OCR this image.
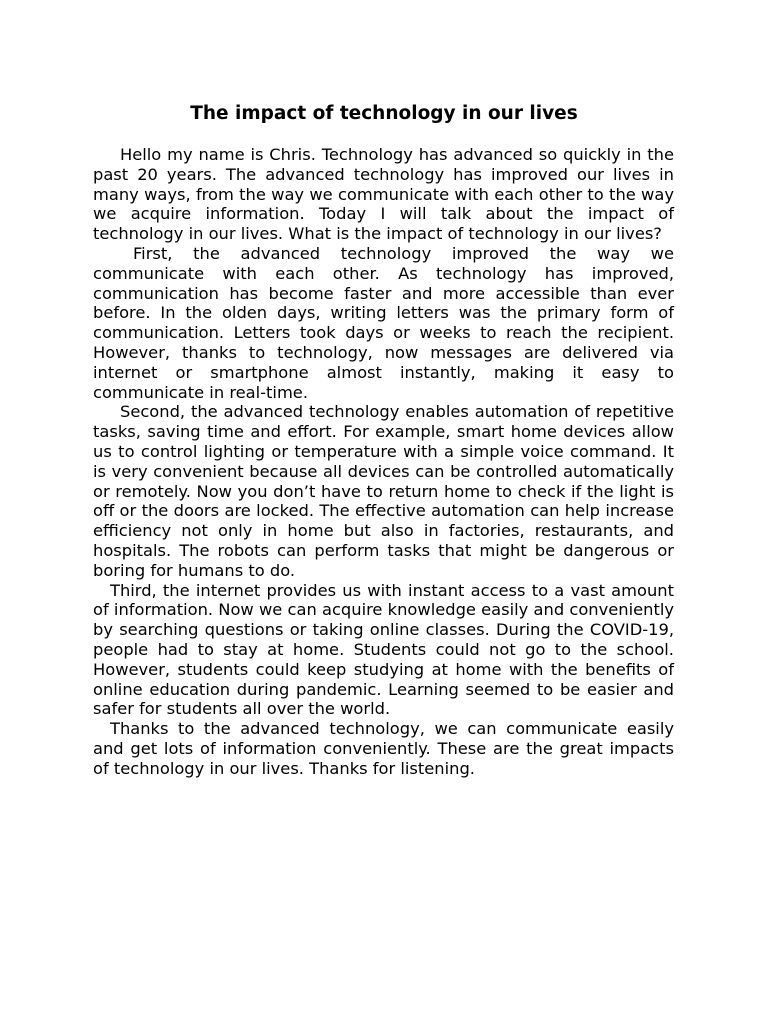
The impact of technology in our lives

Hello my name is Chris. Technology has advanced so quickly in the past 20 years. The advanced technology has improved our lives in many ways, from the way we communicate with each other to the way we acquire information. Today I will talk about the impact of technology in our lives. What is the impact of technology in our lives?

First, the advanced technology improved the way we communicate with each other. As technology has improved, communication has become faster and more accessible than ever before. In the olden days, writing letters was the primary form of communication. Letters took days or weeks to reach the recipient. However, thanks to technology, now messages are delivered via internet or smartphone almost instantly, making it easy to communicate in real-time.

Second, the advanced technology enables automation of repetitive tasks, saving time and effort. For example, smart home devices allow us to control lighting or temperature with a simple voice command. It is very convenient because all devices can be controlled automatically or remotely. Now you don’t have to return home to check if the light is off or the doors are locked. The effective automation can help increase efficiency not only in home but also in factories, restaurants, and hospitals. The robots can perform tasks that might be dangerous or boring for humans to do.

Third, the internet provides us with instant access to a vast amount of information. Now we can acquire knowledge easily and conveniently by searching questions or taking online classes. During the COVID-19, people had to stay at home. Students could not go to the school. However, students could keep studying at home with the benefits of online education during pandemic. Learning seemed to be easier and safer for students all over the world.

Thanks to the advanced technology, we can communicate easily and get lots of information conveniently. These are the great impacts of technology in our lives. Thanks for listening.
